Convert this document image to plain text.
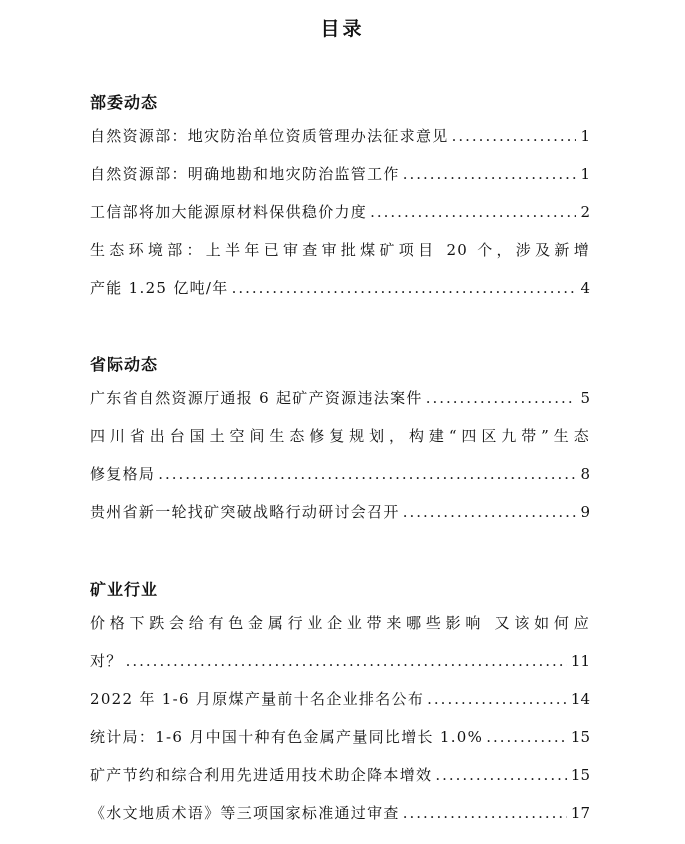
目录
部委动态
自然资源部：地灾防治单位资质管理办法征求意见 .....	1
自然资源部：明确地勘和地灾防治监管工作 .....	1
工信部将加大能源原材料保供稳价力度 .....	2
生态环境部：上半年已审查审批煤矿项目 20 个，涉及新增
产能 1.25 亿吨/年 .....	4
省际动态
广东省自然资源厅通报 6 起矿产资源违法案件 .....	5
四川省出台国土空间生态修复规划，构建“四区九带”生态
修复格局 .....	8
贵州省新一轮找矿突破战略行动研讨会召开 .....	9
矿业行业
价格下跌会给有色金属行业企业带来哪些影响 又该如何应
对？ .....	11
2022 年 1-6 月原煤产量前十名企业排名公布 .....	14
统计局：1-6 月中国十种有色金属产量同比增长 1.0% .....	15
矿产节约和综合利用先进适用技术助企降本增效 .....	15
《水文地质术语》等三项国家标准通过审查 .....	17
